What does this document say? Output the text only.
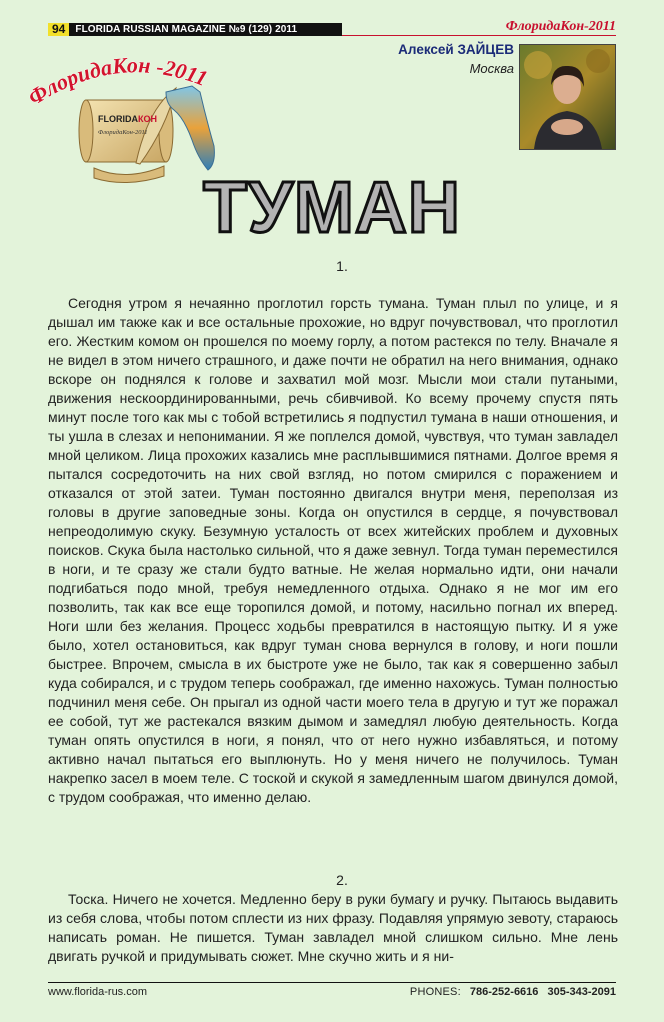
94	FLORIDA RUSSIAN MAGAZINE №9 (129) 2011	ФлоридаКон-2011
FLORIDAКОН
ФлоридаКон-2011
ФлоридаКон -2011
Алексей ЗАЙЦЕВ
Москва
ТУМАН
1.
Сегодня утром я нечаянно проглотил горсть тумана. Туман плыл по улице, и я дышал им также как и все остальные прохожие, но вдруг почувствовал, что проглотил его. Жестким комом он прошелся по моему горлу, а потом растекся по телу. Вначале я не видел в этом ничего страшного, и даже почти не обратил на него внимания, однако вскоре он поднялся к голове и захватил мой мозг. Мысли мои стали путаными, движения нескоординированными, речь сбивчивой. Ко всему прочему спустя пять минут после того как мы с тобой встретились я подпустил тумана в наши отношения, и ты ушла в слезах и непонимании. Я же поплелся домой, чувствуя, что туман завладел мной целиком. Лица прохожих казались мне расплывшимися пятнами. Долгое время я пытался сосредоточить на них свой взгляд, но потом смирился с поражением и отказался от этой затеи. Туман постоянно двигался внутри меня, переползая из головы в другие заповедные зоны. Когда он опустился в сердце, я почувствовал непреодолимую скуку. Безумную усталость от всех житейских проблем и духовных поисков. Скука была настолько сильной, что я даже зевнул. Тогда туман переместился в ноги, и те сразу же стали будто ватные. Не желая нормально идти, они начали подгибаться подо мной, требуя немедленного отдыха. Однако я не мог им его позволить, так как все еще торопился домой, и потому, насильно погнал их вперед. Ноги шли без желания. Процесс ходьбы превратился в настоящую пытку. И я уже было, хотел остановиться, как вдруг туман снова вернулся в голову, и ноги пошли быстрее. Впрочем, смысла в их быстроте уже не было, так как я совершенно забыл куда собирался, и с трудом теперь соображал, где именно нахожусь. Туман полностью подчинил меня себе. Он прыгал из одной части моего тела в другую и тут же поражал ее собой, тут же растекался вязким дымом и замедлял любую деятельность. Когда туман опять опустился в ноги, я понял, что от него нужно избавляться, и потому активно начал пытаться его выплюнуть. Но у меня ничего не получилось. Туман накрепко засел в моем теле. С тоской и скукой я замедленным шагом двинулся домой, с трудом соображая, что именно делаю.
2.
Тоска. Ничего не хочется. Медленно беру в руки бумагу и ручку. Пытаюсь выдавить из себя слова, чтобы потом сплести из них фразу. Подавляя упрямую зевоту, стараюсь написать роман. Не пишется. Туман завладел мной слишком сильно. Мне лень двигать ручкой и придумывать сюжет. Мне скучно жить и я ни-
www.florida-rus.com	PHONES: 786-252-6616 305-343-2091
